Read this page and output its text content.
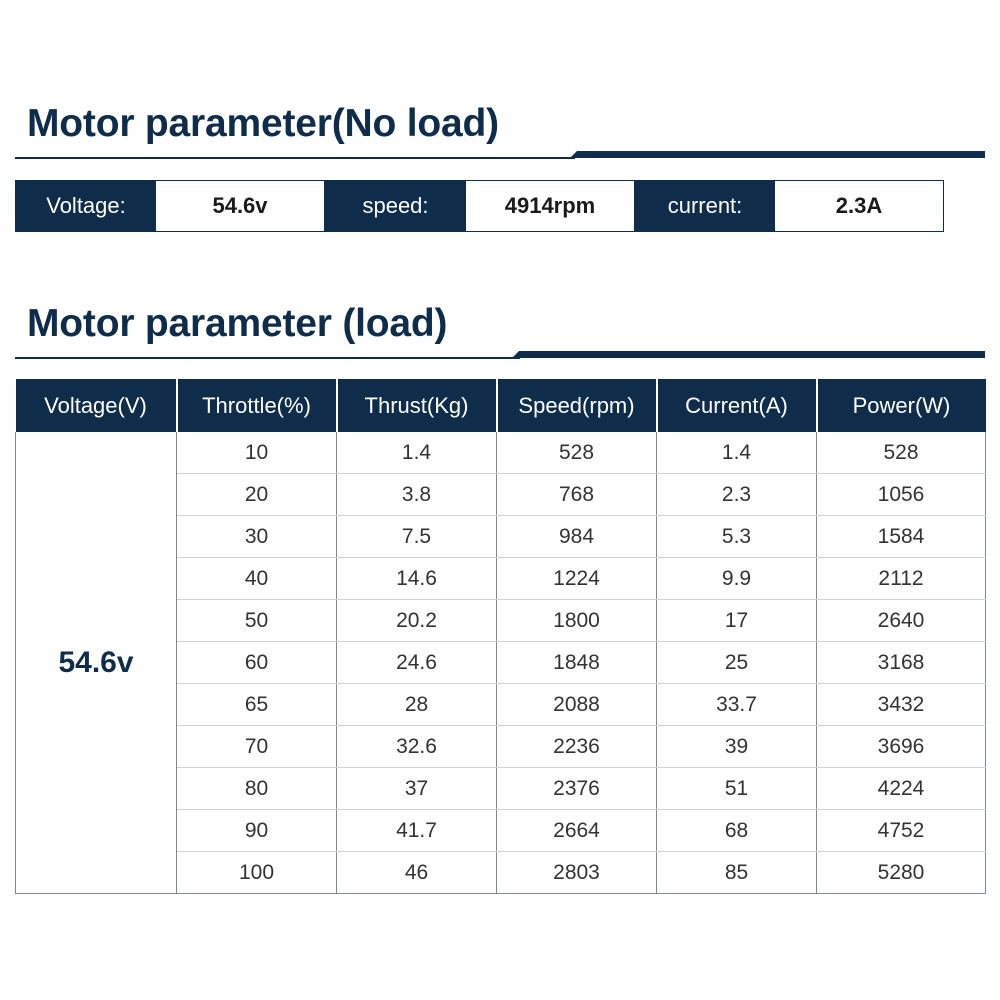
Motor parameter(No load)
Voltage:	54.6v	speed:	4914rpm	current:	2.3A
Motor parameter (load)
Voltage(V)	Throttle(%)	Thrust(Kg)	Speed(rpm)	Current(A)	Power(W)
54.6v	10	1.4	528	1.4	528
	20	3.8	768	2.3	1056
	30	7.5	984	5.3	1584
	40	14.6	1224	9.9	2112
	50	20.2	1800	17	2640
	60	24.6	1848	25	3168
	65	28	2088	33.7	3432
	70	32.6	2236	39	3696
	80	37	2376	51	4224
	90	41.7	2664	68	4752
	100	46	2803	85	5280
